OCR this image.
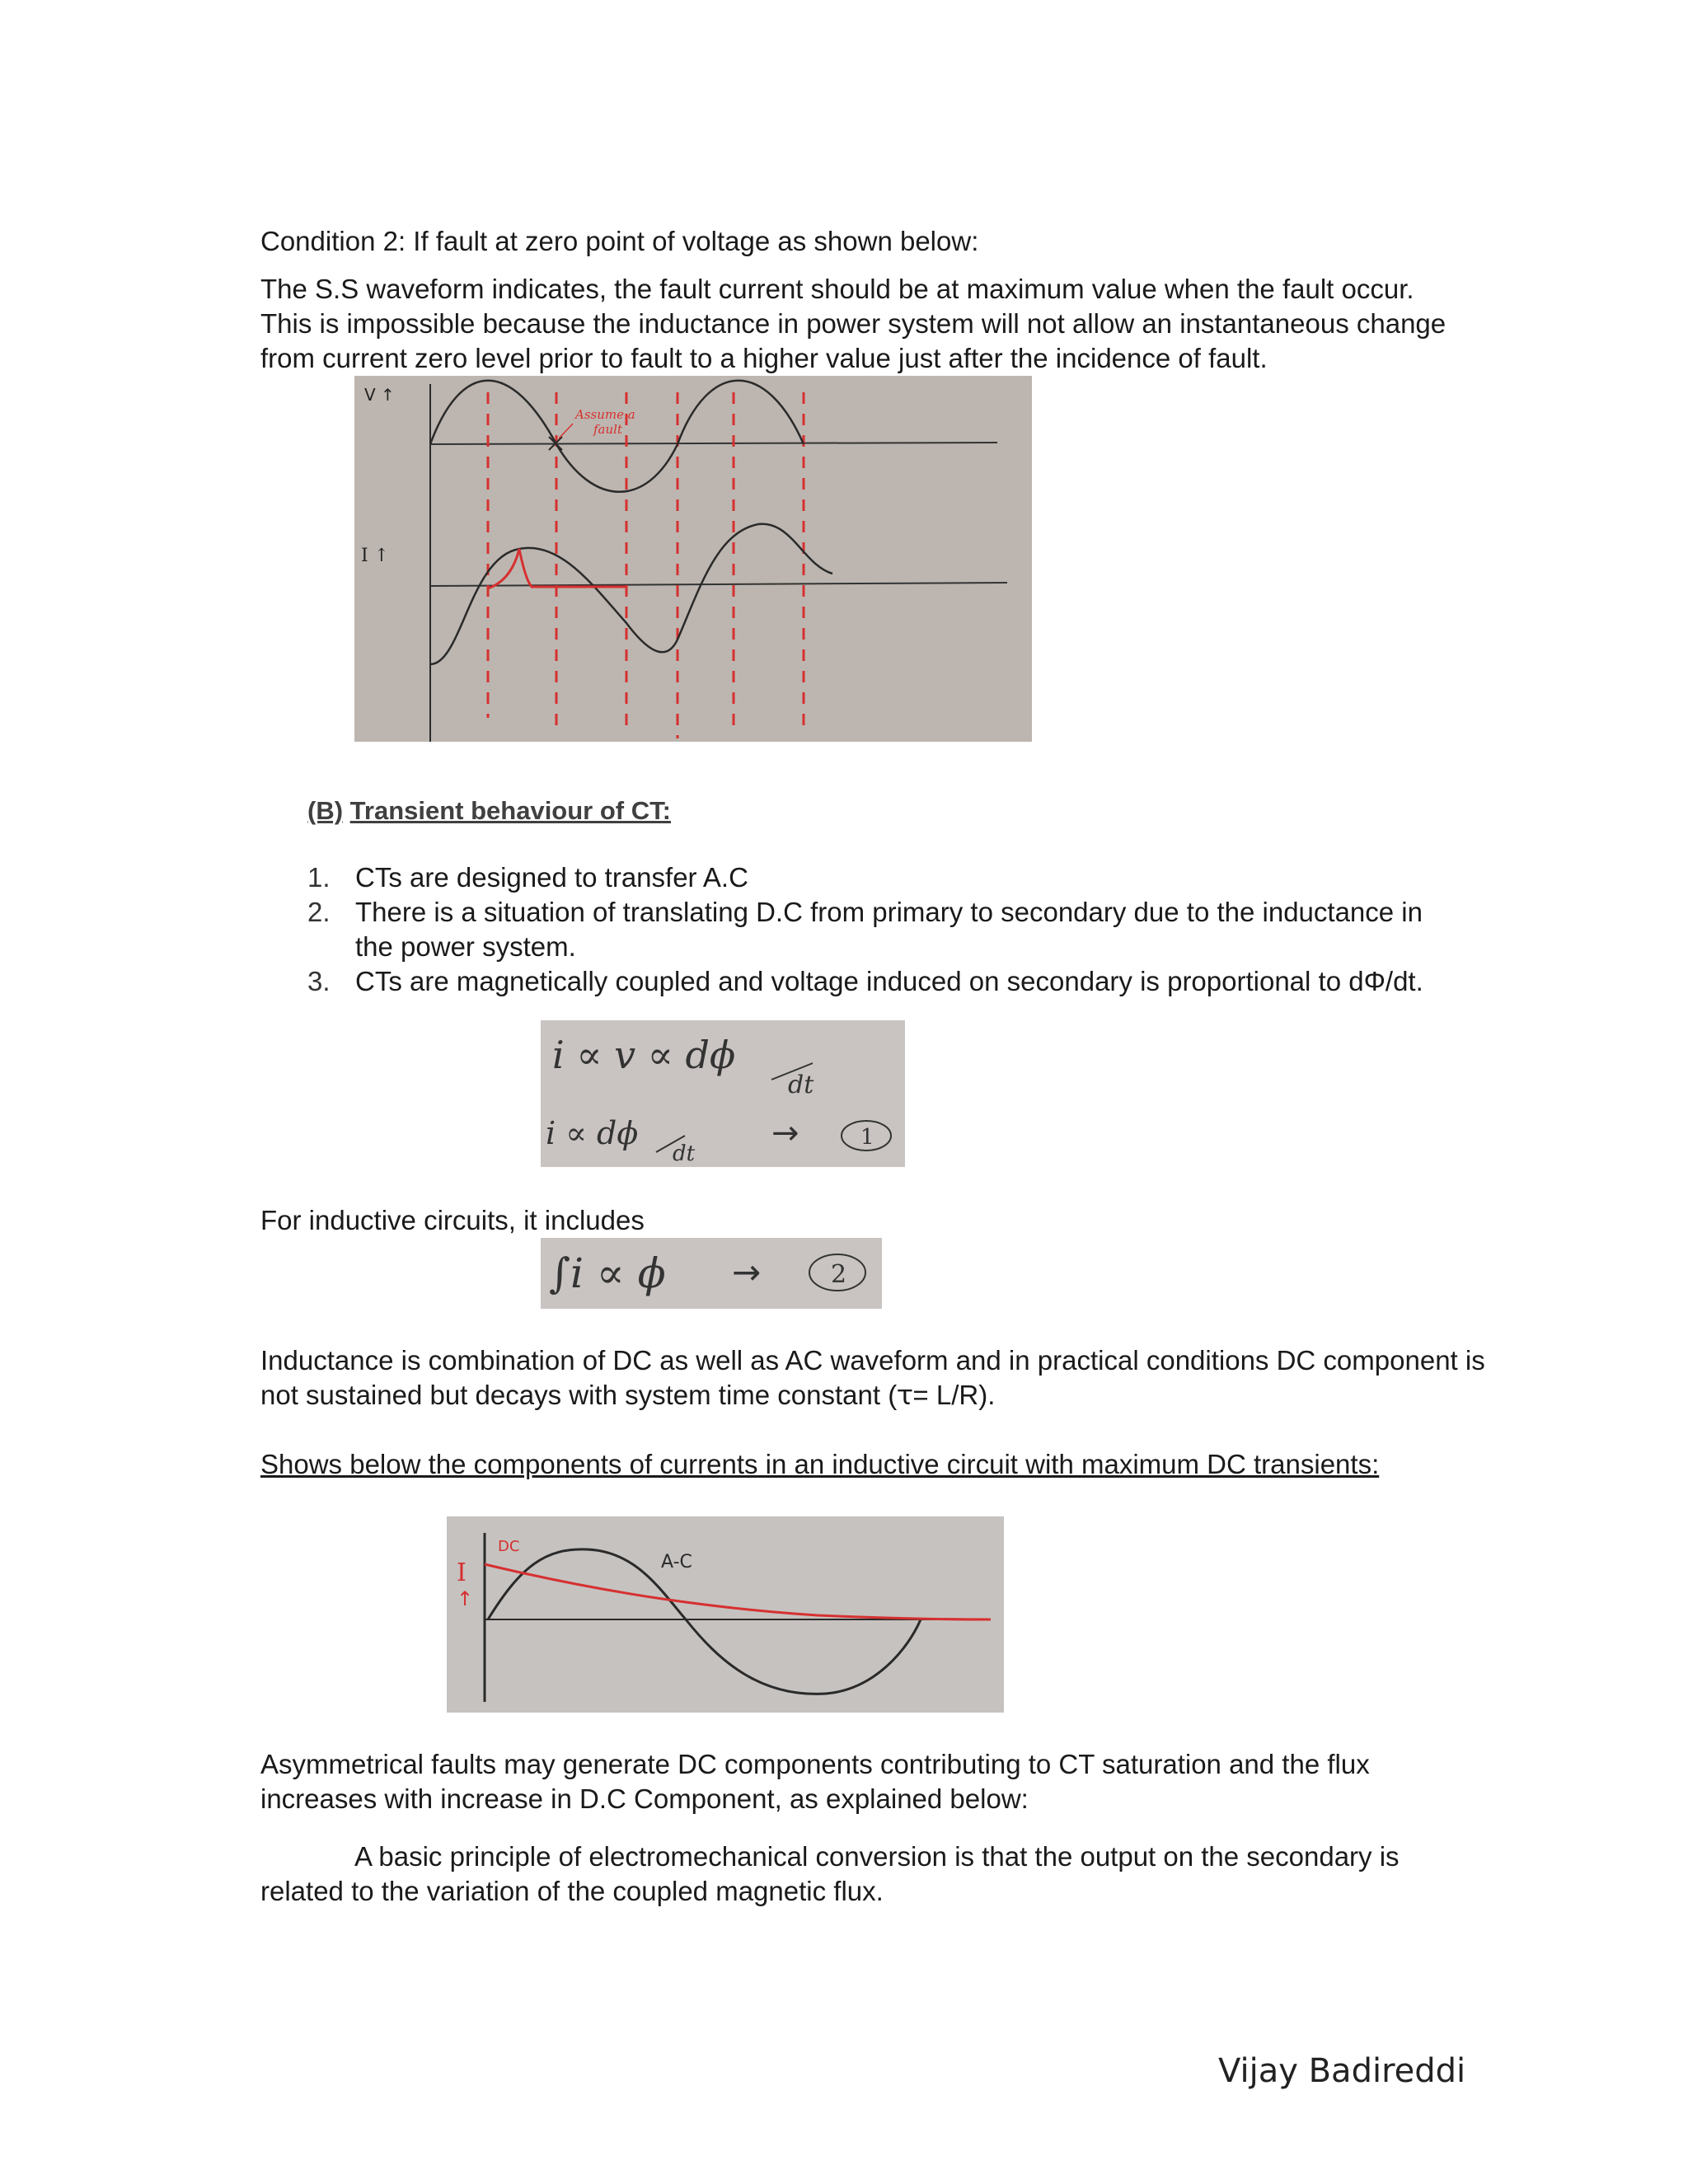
Condition 2: If fault at zero point of voltage as shown below:
The S.S waveform indicates, the fault current should be at maximum value when the fault occur.
This is impossible because the inductance in power system will not allow an instantaneous change
from current zero level prior to fault to a higher value just after the incidence of fault.
V ↑
I ↑
Assume a
fault
(B) Transient behaviour of CT:
1. CTs are designed to transfer A.C
2. There is a situation of translating D.C from primary to secondary due to the inductance in
the power system.
3. CTs are magnetically coupled and voltage induced on secondary is proportional to dΦ/dt.
i ∝ v ∝ dϕ
dt
i ∝ dϕ
dt
→	1
For inductive circuits, it includes
∫i ∝ ϕ →	2
Inductance is combination of DC as well as AC waveform and in practical conditions DC component is
not sustained but decays with system time constant (ꚍ= L/R).
Shows below the components of currents in an inductive circuit with maximum DC transients:
I
↑
DC
A-C
Asymmetrical faults may generate DC components contributing to CT saturation and the flux
increases with increase in D.C Component, as explained below:
A basic principle of electromechanical conversion is that the output on the secondary is
related to the variation of the coupled magnetic flux.
Vijay Badireddi
